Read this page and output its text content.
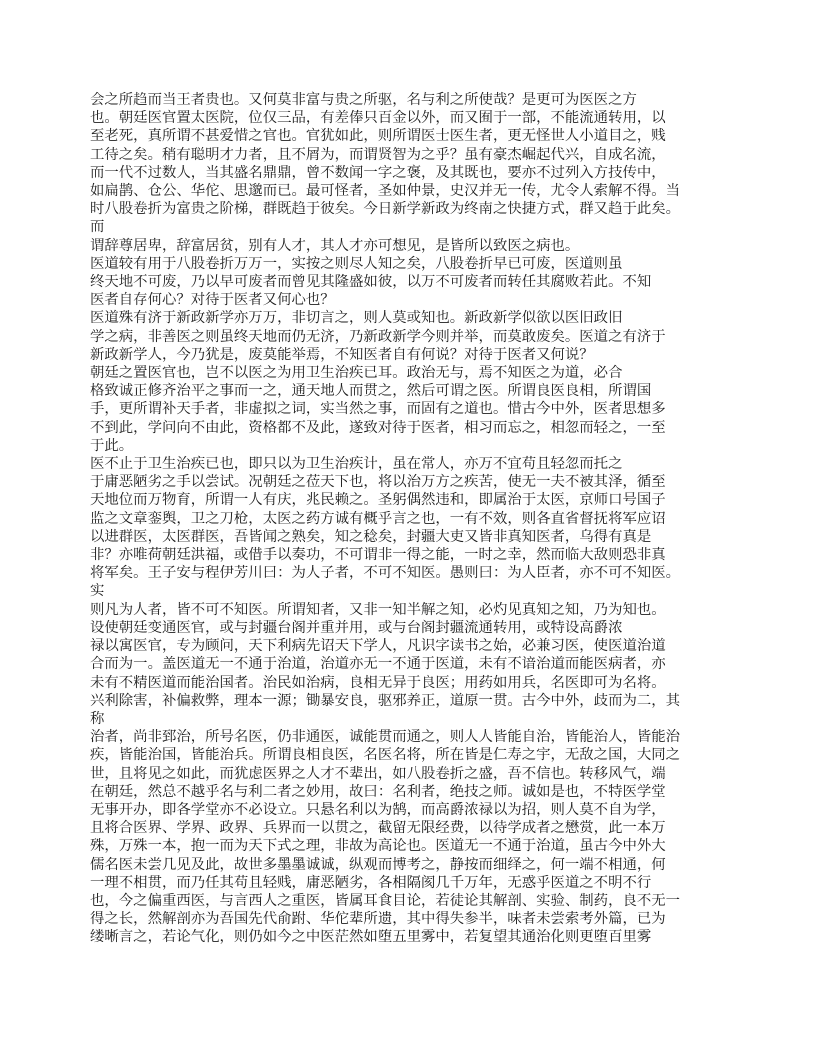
会之所趋而当王者贵也。又何莫非富与贵之所驱，名与利之所使哉？是更可为医医之方
也。朝廷医官置太医院，位仅三品，有差俸只百金以外，而又囿于一部，不能流通转用，以
至老死，真所谓不甚爱惜之官也。官犹如此，则所谓医士医生者，更无怪世人小道目之，贱
工待之矣。稍有聪明才力者，且不屑为，而谓贤智为之乎？虽有豪杰崛起代兴，自成名流，
而一代不过数人，当其盛名鼎鼎，曾不数闻一字之褒，及其既也，要亦不过列入方技传中，
如扁鹊、仓公、华佗、思邈而已。最可怪者，圣如仲景，史汉并无一传，尤令人索解不得。当
时八股卷折为富贵之阶梯，群既趋于彼矣。今日新学新政为终南之快捷方式，群又趋于此矣。
而
谓辞尊居卑，辞富居贫，别有人才，其人才亦可想见，是皆所以致医之病也。
医道较有用于八股卷折万万一，实按之则尽人知之矣，八股卷折早已可废，医道则虽
终天地不可废，乃以早可废者而曾见其隆盛如彼，以万不可废者而转任其腐败若此。不知
医者自存何心？对待于医者又何心也？
医道殊有济于新政新学亦万万，非切言之，则人莫或知也。新政新学似欲以医旧政旧
学之病，非善医之则虽终天地而仍无济，乃新政新学今则并举，而莫敢废矣。医道之有济于
新政新学人，今乃犹是，废莫能举焉，不知医者自有何说？对待于医者又何说？
朝廷之置医官也，岂不以医之为用卫生治疾已耳。政治无与，焉不知医之为道，必合
格致诚正修齐治平之事而一之，通天地人而贯之，然后可谓之医。所谓良医良相，所谓国
手，更所谓补天手者，非虚拟之词，实当然之事，而固有之道也。惜古今中外，医者思想多
不到此，学问向不由此，资格都不及此，遂致对待于医者，相习而忘之，相忽而轻之，一至
于此。
医不止于卫生治疾已也，即只以为卫生治疾计，虽在常人，亦万不宜苟且轻忽而托之
于庸恶陋劣之手以尝试。况朝廷之莅天下也，将以治万方之疾苦，使无一夫不被其泽，循至
天地位而万物育，所谓一人有庆，兆民赖之。圣躬偶然违和，即属治于太医，京师口号国子
监之文章銮舆，卫之刀枪，太医之药方诚有概乎言之也，一有不效，则各直省督抚将军应诏
以进群医，太医群医，吾皆闻之熟矣，知之稔矣，封疆大吏又皆非真知医者，乌得有真是
非？亦唯荷朝廷洪福，或借手以奏功，不可谓非一得之能，一时之幸，然而临大敌则恐非真
将军矣。王子安与程伊芳川曰：为人子者，不可不知医。愚则曰：为人臣者，亦不可不知医。
实
则凡为人者，皆不可不知医。所谓知者，又非一知半解之知，必灼见真知之知，乃为知也。
设使朝廷变通医官，或与封疆台阁并重并用，或与台阁封疆流通转用，或特设高爵浓
禄以寓医官，专为顾问，天下利病先诏天下学人，凡识字读书之始，必兼习医，使医道治道
合而为一。盖医道无一不通于治道，治道亦无一不通于医道，未有不谙治道而能医病者，亦
未有不精医道而能治国者。治民如治病，良相无异于良医；用药如用兵，名医即可为名将。
兴利除害，补偏救弊，理本一源；锄暴安良，驱邪养正，道原一贯。古今中外，歧而为二，其
称
治者，尚非郅治，所号名医，仍非通医，诚能贯而通之，则人人皆能自治，皆能治人，皆能治
疾，皆能治国，皆能治兵。所谓良相良医，名医名将，所在皆是仁寿之宇，无敌之国，大同之
世，且将见之如此，而犹虑医界之人才不辈出，如八股卷折之盛，吾不信也。转移风气，端
在朝廷，然总不越乎名与利二者之妙用，故曰：名利者，绝技之师。诚如是也，不特医学堂
无事开办，即各学堂亦不必设立。只悬名利以为鹄，而高爵浓禄以为招，则人莫不自为学，
且将合医界、学界、政界、兵界而一以贯之，截留无限经费，以待学成者之懋赏，此一本万
殊，万殊一本，抱一而为天下式之理，非故为高论也。医道无一不通于治道，虽古今中外大
儒名医未尝几见及此，故世多墨墨诚诚，纵观而博考之，静按而细绎之，何一端不相通，何
一理不相贯，而乃任其苟且轻贱，庸恶陋劣，各相隔阂几千万年，无惑乎医道之不明不行
也，今之偏重西医，与言西人之重医，皆属耳食目论，若徒论其解剖、实验、制药，良不无一
得之长，然解剖亦为吾国先代俞跗、华佗辈所遗，其中得失参半，味者未尝索考外篇，已为
缕晰言之，若论气化，则仍如今之中医茫然如堕五里雾中，若复望其通治化则更堕百里雾
